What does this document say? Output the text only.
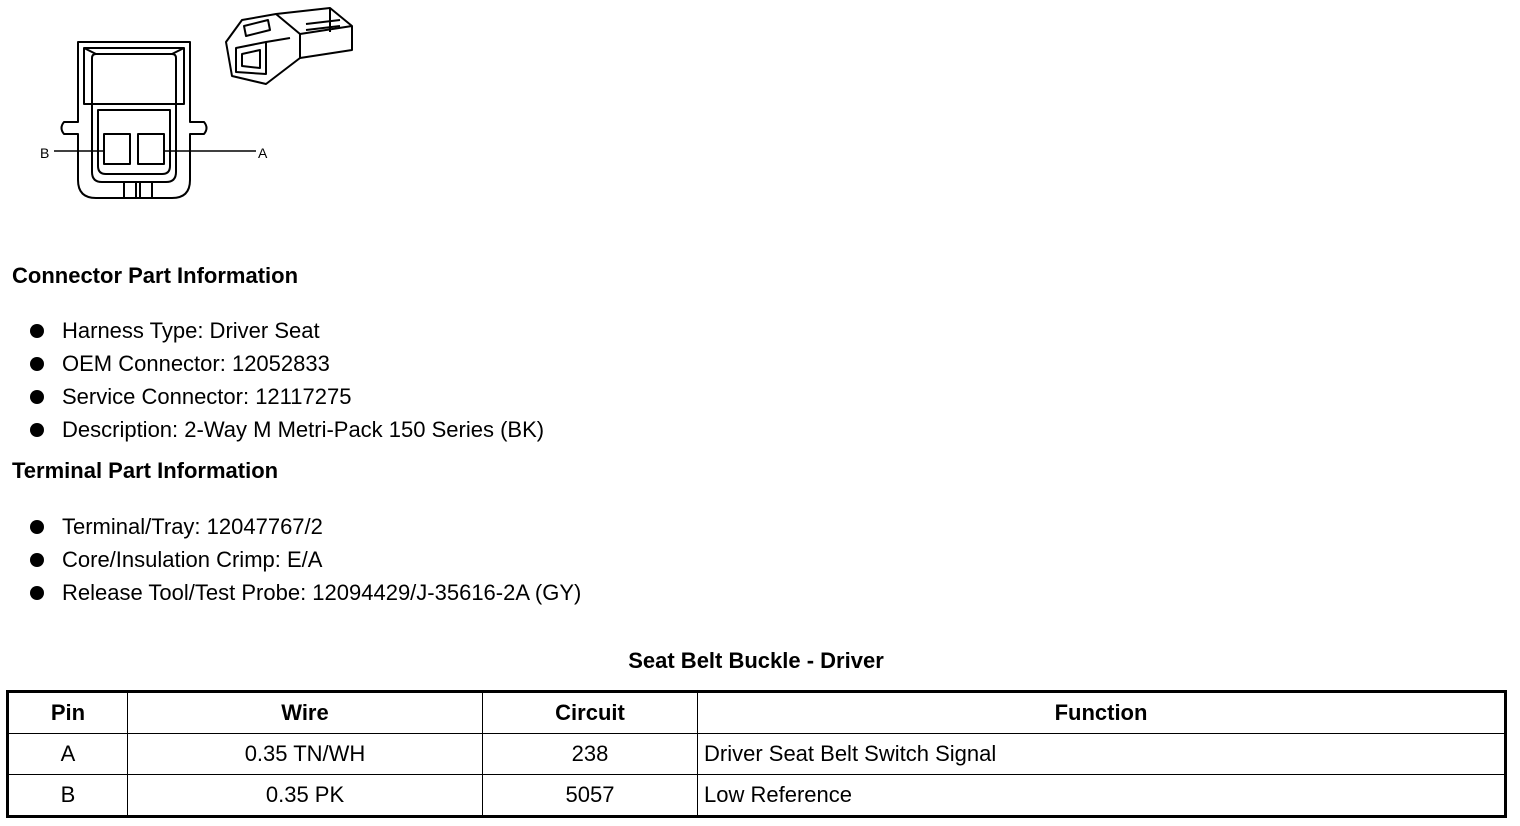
B	A
Connector Part Information
Harness Type: Driver Seat
OEM Connector: 12052833
Service Connector: 12117275
Description: 2-Way M Metri-Pack 150 Series (BK)
Terminal Part Information
Terminal/Tray: 12047767/2
Core/Insulation Crimp: E/A
Release Tool/Test Probe: 12094429/J-35616-2A (GY)
Seat Belt Buckle - Driver
Pin	Wire	Circuit	Function
A	0.35 TN/WH	238	Driver Seat Belt Switch Signal
B	0.35 PK	5057	Low Reference
